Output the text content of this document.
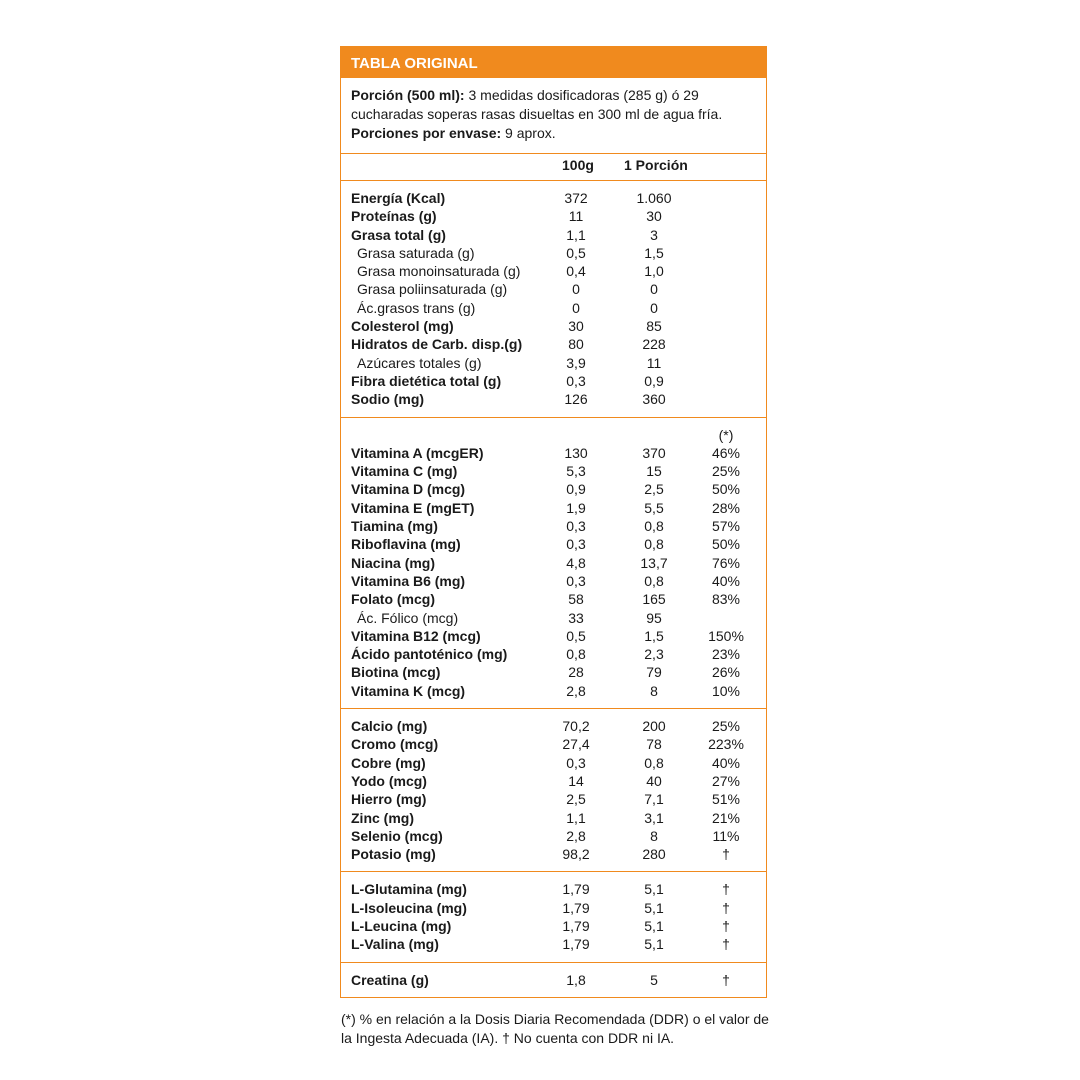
TABLA ORIGINAL
Porción (500 ml): 3 medidas dosificadoras (285 g) ó 29 cucharadas soperas rasas disueltas en 300 ml de agua fría.
Porciones por envase: 9 aprox.
100g 1 Porción
Energía (Kcal)	372	1.060
Proteínas (g)	11	30
Grasa total (g)	1,1	3
Grasa saturada (g)	0,5	1,5
Grasa monoinsaturada (g)	0,4	1,0
Grasa poliinsaturada (g)	0	0
Ác.grasos trans (g)	0	0
Colesterol (mg)	30	85
Hidratos de Carb. disp.(g)	80	228
Azúcares totales (g)	3,9	11
Fibra dietética total (g)	0,3	0,9
Sodio (mg)	126	360
(*)
Vitamina A (mcgER)	130	370	46%
Vitamina C (mg)	5,3	15	25%
Vitamina D (mcg)	0,9	2,5	50%
Vitamina E (mgET)	1,9	5,5	28%
Tiamina (mg)	0,3	0,8	57%
Riboflavina (mg)	0,3	0,8	50%
Niacina (mg)	4,8	13,7	76%
Vitamina B6 (mg)	0,3	0,8	40%
Folato (mcg)	58	165	83%
Ác. Fólico (mcg)	33	95
Vitamina B12 (mcg)	0,5	1,5	150%
Ácido pantoténico (mg)	0,8	2,3	23%
Biotina (mcg)	28	79	26%
Vitamina K (mcg)	2,8	8	10%
Calcio (mg)	70,2	200	25%
Cromo (mcg)	27,4	78	223%
Cobre (mg)	0,3	0,8	40%
Yodo (mcg)	14	40	27%
Hierro (mg)	2,5	7,1	51%
Zinc (mg)	1,1	3,1	21%
Selenio (mcg)	2,8	8	11%
Potasio (mg)	98,2	280	†
L-Glutamina (mg)	1,79	5,1	†
L-Isoleucina (mg)	1,79	5,1	†
L-Leucina (mg)	1,79	5,1	†
L-Valina (mg)	1,79	5,1	†
Creatina (g)	1,8	5	†
(*) % en relación a la Dosis Diaria Recomendada (DDR) o el valor de la Ingesta Adecuada (IA). † No cuenta con DDR ni IA.
